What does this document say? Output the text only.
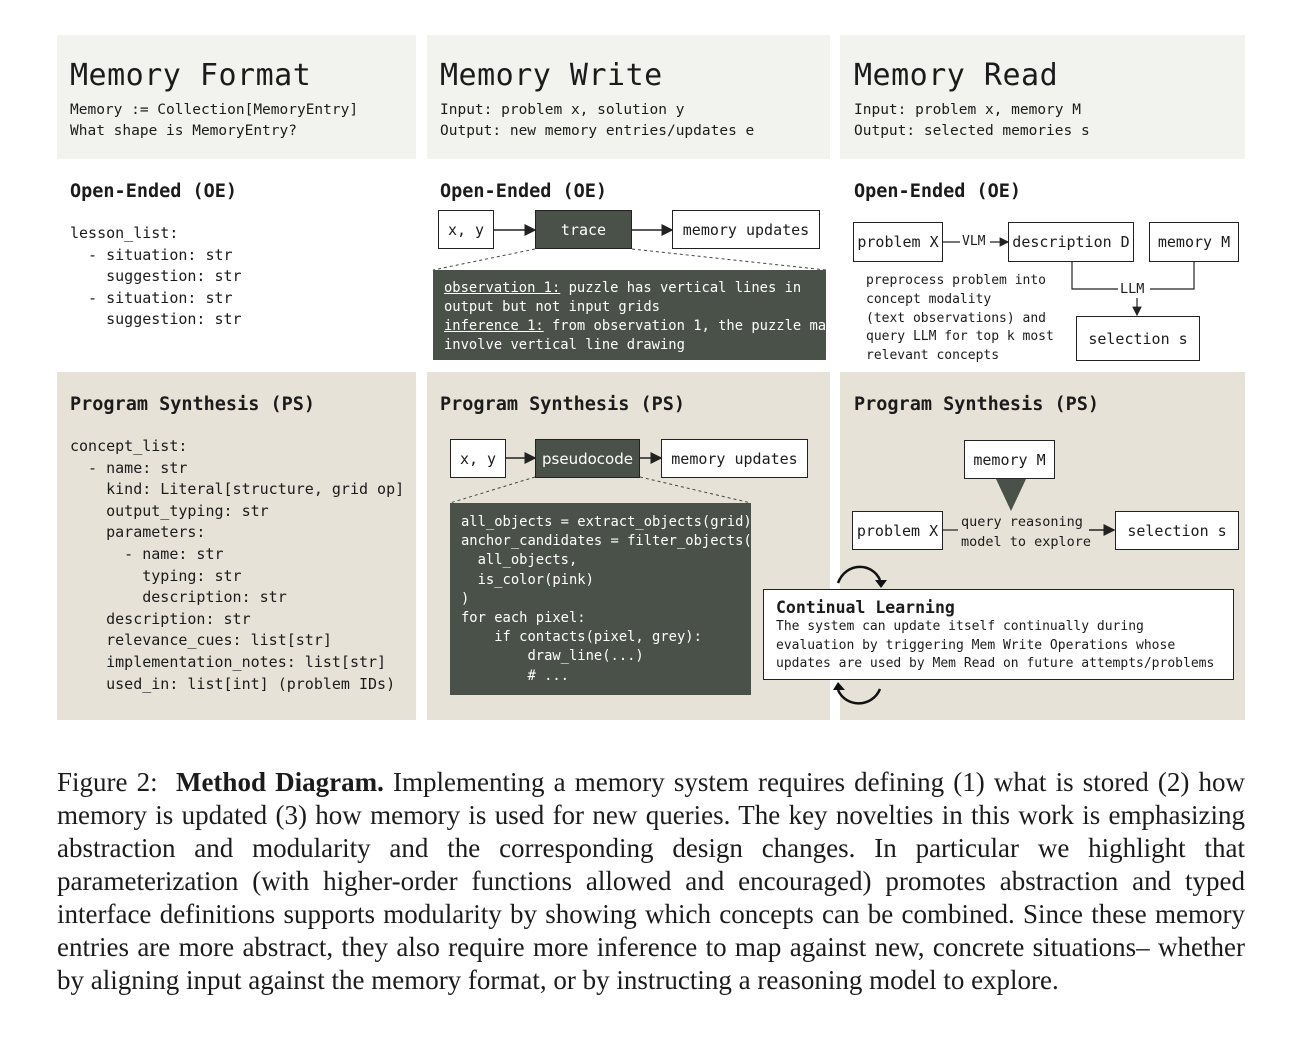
Memory Format
Memory := Collection[MemoryEntry]
What shape is MemoryEntry?
Memory Write
Input: problem x, solution y
Output: new memory entries/updates e
Memory Read
Input: problem x, memory M
Output: selected memories s
Open-Ended (OE)	Open-Ended (OE)	Open-Ended (OE)
Program Synthesis (PS)	Program Synthesis (PS)	Program Synthesis (PS)
lesson_list:
- situation: str
suggestion: str
- situation: str
suggestion: str
concept_list:
- name: str
kind: Literal[structure, grid op]
output_typing: str
parameters:
- name: str
typing: str
description: str
description: str
relevance_cues: list[str]
implementation_notes: list[str]
used_in: list[int] (problem IDs)
x, y	trace	memory updates
observation 1: puzzle has vertical lines in
output but not input grids
inference 1: from observation 1, the puzzle may
involve vertical line drawing
x, y	pseudocode	memory updates
all_objects = extract_objects(grid)
anchor_candidates = filter_objects(
all_objects,
is_color(pink)
)
for each pixel:
if contacts(pixel, grey):
draw_line(...)
# ...
problem X	VLM description D	memory M
LLM
selection s
preprocess problem into
concept modality
(text observations) and
query LLM for top k most
relevant concepts
memory M
problem X	query reasoning
model to explore
selection s
Continual Learning
The system can update itself continually during
evaluation by triggering Mem Write Operations whose
updates are used by Mem Read on future attempts/problems
Figure 2:  Method Diagram. Implementing a memory system requires defining (1) what is stored (2) how memory is updated (3) how memory is used for new queries. The key novelties in this work is emphasizing abstraction and modularity and the corresponding design changes. In particular we highlight that parameterization (with higher-order functions allowed and encouraged) promotes abstraction and typed interface definitions supports modularity by showing which concepts can be combined. Since these memory entries are more abstract, they also require more inference to map against new, concrete situations– whether by aligning input against the memory format, or by instructing a reasoning model to explore.
